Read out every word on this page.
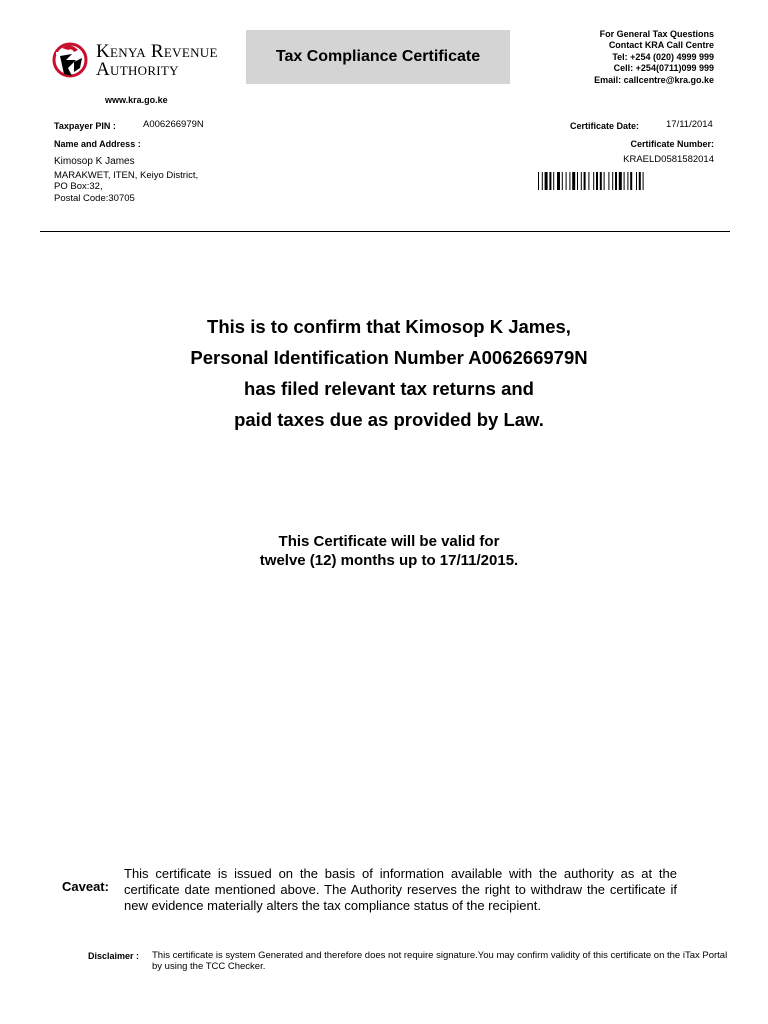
Kenya Revenue
Authority
Tax Compliance Certificate
For General Tax Questions
Contact KRA Call Centre
Tel: +254 (020) 4999 999
Cell: +254(0711)099 999
Email: callcentre@kra.go.ke
www.kra.go.ke
Taxpayer PIN :	A006266979N	Certificate Date:	17/11/2014
Name and Address :	Certificate Number:
Kimosop K James
MARAKWET, ITEN, Keiyo District,
PO Box:32,
Postal Code:30705
KRAELD0581582014
This is to confirm that Kimosop K James,
Personal Identification Number A006266979N
has filed relevant tax returns and
paid taxes due as provided by Law.
This Certificate will be valid for
twelve (12) months up to 17/11/2015.
Caveat:
This certificate is issued on the basis of information available with the authority as at the certificate date mentioned above. The Authority reserves the right to withdraw the certificate if new evidence materially alters the tax compliance status of the recipient.
Disclaimer : This certificate is system Generated and therefore does not require signature.You may confirm validity of this certificate on the iTax Portal by using the TCC Checker.
